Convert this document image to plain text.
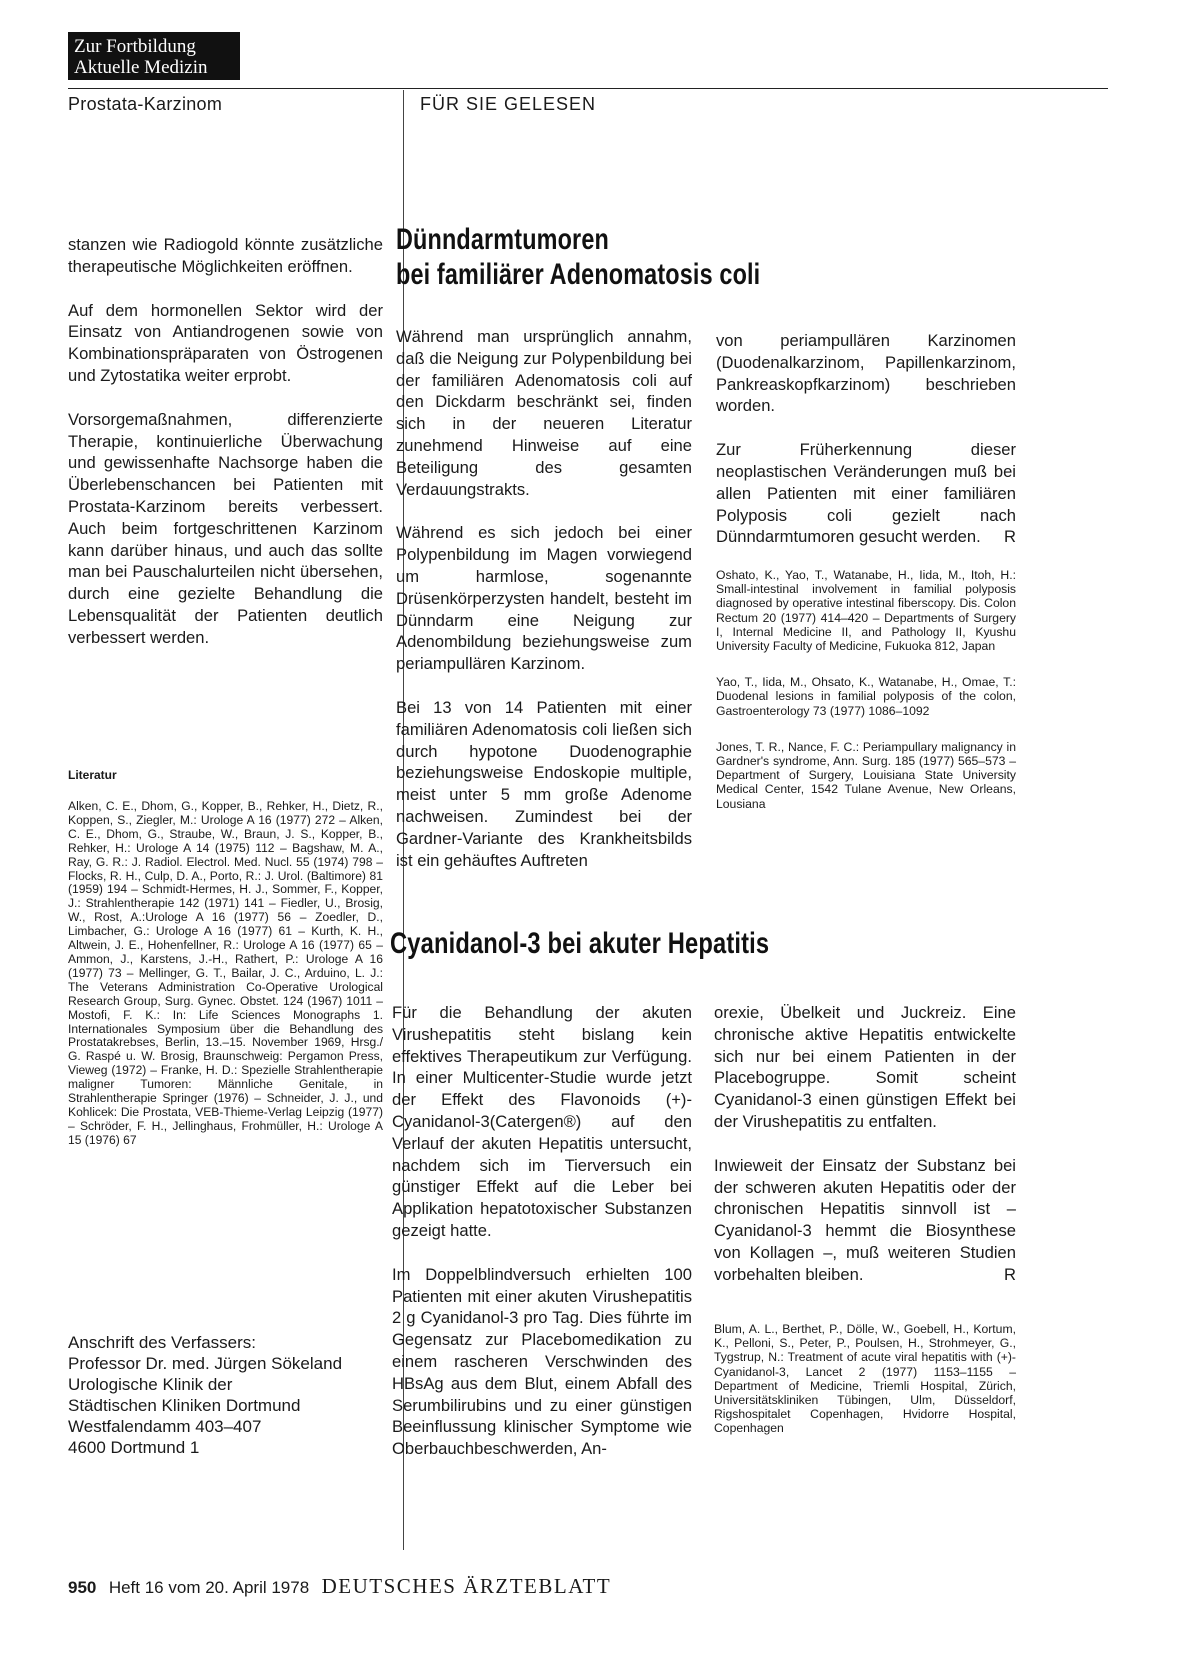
Zur Fortbildung
Aktuelle Medizin
Prostata-Karzinom	FÜR SIE GELESEN

stanzen wie Radiogold könnte zusätzliche therapeutische Möglichkeiten eröffnen.

Auf dem hormonellen Sektor wird der Einsatz von Antiandrogenen sowie von Kombinationspräparaten von Östrogenen und Zytostatika weiter erprobt.

Vorsorgemaßnahmen, differenzierte Therapie, kontinuierliche Überwachung und gewissenhafte Nachsorge haben die Überlebenschancen bei Patienten mit Prostata-Karzinom bereits verbessert. Auch beim fortgeschrittenen Karzinom kann darüber hinaus, und auch das sollte man bei Pauschalurteilen nicht übersehen, durch eine gezielte Behandlung die Lebensqualität der Patienten deutlich verbessert werden.

Literatur
Alken, C. E., Dhom, G., Kopper, B., Rehker, H., Dietz, R., Koppen, S., Ziegler, M.: Urologe A 16 (1977) 272 – Alken, C. E., Dhom, G., Straube, W., Braun, J. S., Kopper, B., Rehker, H.: Urologe A 14 (1975) 112 – Bagshaw, M. A., Ray, G. R.: J. Radiol. Electrol. Med. Nucl. 55 (1974) 798 – Flocks, R. H., Culp, D. A., Porto, R.: J. Urol. (Baltimore) 81 (1959) 194 – Schmidt-Hermes, H. J., Sommer, F., Kopper, J.: Strahlentherapie 142 (1971) 141 – Fiedler, U., Brosig, W., Rost, A.:Urologe A 16 (1977) 56 – Zoedler, D., Limbacher, G.: Urologe A 16 (1977) 61 – Kurth, K. H., Altwein, J. E., Hohenfellner, R.: Urologe A 16 (1977) 65 – Ammon, J., Karstens, J.-H., Rathert, P.: Urologe A 16 (1977) 73 – Mellinger, G. T., Bailar, J. C., Arduino, L. J.: The Veterans Administration Co-Operative Urological Research Group, Surg. Gynec. Obstet. 124 (1967) 1011 – Mostofi, F. K.: In: Life Sciences Monographs 1. Internationales Symposium über die Behandlung des Prostatakrebses, Berlin, 13.–15. November 1969, Hrsg./ G. Raspé u. W. Brosig, Braunschweig: Pergamon Press, Vieweg (1972) – Franke, H. D.: Spezielle Strahlentherapie maligner Tumoren: Männliche Genitale, in Strahlentherapie Springer (1976) – Schneider, J. J., und Kohlicek: Die Prostata, VEB-Thieme-Verlag Leipzig (1977) – Schröder, F. H., Jellinghaus, Frohmüller, H.: Urologe A 15 (1976) 67
Anschrift des Verfassers:
Professor Dr. med. Jürgen Sökeland
Urologische Klinik der
Städtischen Kliniken Dortmund
Westfalendamm 403–407
4600 Dortmund 1
Dünndarmtumoren
bei familiärer Adenomatosis coli

Während man ursprünglich annahm, daß die Neigung zur Polypenbildung bei der familiären Adenomatosis coli auf den Dickdarm beschränkt sei, finden sich in der neueren Literatur zunehmend Hinweise auf eine Beteiligung des gesamten Verdauungstrakts.

Während es sich jedoch bei einer Polypenbildung im Magen vorwiegend um harmlose, sogenannte Drüsenkörperzysten handelt, besteht im Dünndarm eine Neigung zur Adenombildung beziehungsweise zum periampullären Karzinom.

Bei 13 von 14 Patienten mit einer familiären Adenomatosis coli ließen sich durch hypotone Duodenographie beziehungsweise Endoskopie multiple, meist unter 5 mm große Adenome nachweisen. Zumindest bei der Gardner-Variante des Krankheitsbilds ist ein gehäuftes Auftreten

von periampullären Karzinomen (Duodenalkarzinom, Papillenkarzinom, Pankreaskopfkarzinom) beschrieben worden.

Zur Früherkennung dieser neoplastischen Veränderungen muß bei allen Patienten mit einer familiären Polyposis coli gezielt nach Dünndarmtumoren gesucht werden. R

Oshato, K., Yao, T., Watanabe, H., Iida, M., Itoh, H.: Small-intestinal involvement in familial polyposis diagnosed by operative intestinal fiberscopy. Dis. Colon Rectum 20 (1977) 414–420 – Departments of Surgery I, Internal Medicine II, and Pathology II, Kyushu University Faculty of Medicine, Fukuoka 812, Japan

Yao, T., Iida, M., Ohsato, K., Watanabe, H., Omae, T.: Duodenal lesions in familial polyposis of the colon, Gastroenterology 73 (1977) 1086–1092

Jones, T. R., Nance, F. C.: Periampullary malignancy in Gardner's syndrome, Ann. Surg. 185 (1977) 565–573 – Department of Surgery, Louisiana State University Medical Center, 1542 Tulane Avenue, New Orleans, Lousiana

Cyanidanol-3 bei akuter Hepatitis

Für die Behandlung der akuten Virushepatitis steht bislang kein effektives Therapeutikum zur Verfügung. In einer Multicenter-Studie wurde jetzt der Effekt des Flavonoids (+)-Cyanidanol-3(Catergen®) auf den Verlauf der akuten Hepatitis untersucht, nachdem sich im Tierversuch ein günstiger Effekt auf die Leber bei Applikation hepatotoxischer Substanzen gezeigt hatte.

Im Doppelblindversuch erhielten 100 Patienten mit einer akuten Virushepatitis 2 g Cyanidanol-3 pro Tag. Dies führte im Gegensatz zur Placebomedikation zu einem rascheren Verschwinden des HBsAg aus dem Blut, einem Abfall des Serumbilirubins und zu einer günstigen Beeinflussung klinischer Symptome wie Oberbauchbeschwerden, An-

orexie, Übelkeit und Juckreiz. Eine chronische aktive Hepatitis entwickelte sich nur bei einem Patienten in der Placebogruppe. Somit scheint Cyanidanol-3 einen günstigen Effekt bei der Virushepatitis zu entfalten.

Inwieweit der Einsatz der Substanz bei der schweren akuten Hepatitis oder der chronischen Hepatitis sinnvoll ist – Cyanidanol-3 hemmt die Biosynthese von Kollagen –, muß weiteren Studien vorbehalten bleiben.	R

Blum, A. L., Berthet, P., Dölle, W., Goebell, H., Kortum, K., Pelloni, S., Peter, P., Poulsen, H., Strohmeyer, G., Tygstrup, N.: Treatment of acute viral hepatitis with (+)-Cyanidanol-3, Lancet 2 (1977) 1153–1155 – Department of Medicine, Triemli Hospital, Zürich, Universitätskliniken Tübingen, Ulm, Düsseldorf, Rigshospitalet Copenhagen, Hvidorre Hospital, Copenhagen
950 Heft 16 vom 20. April 1978 DEUTSCHES ÄRZTEBLATT
